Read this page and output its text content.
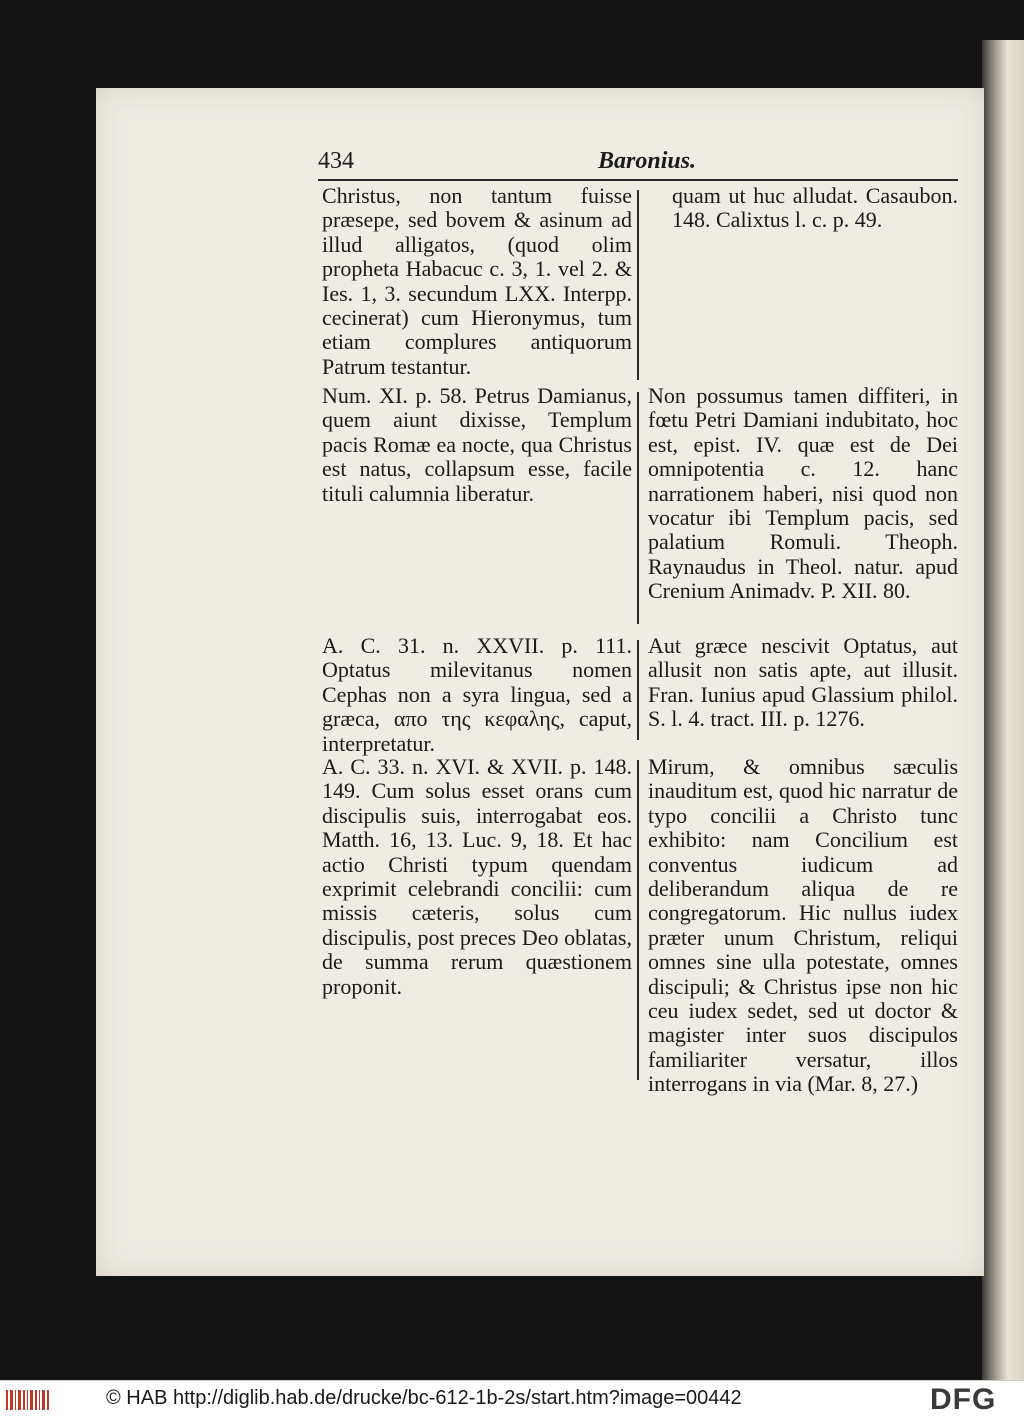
434	Baronius.

Christus, non tantum fuisse præsepe, sed bovem & asinum ad illud alligatos, (quod olim propheta Habacuc c. 3, 1. vel 2. & Ies. 1, 3. secundum LXX. Interpp. cecinerat) cum Hieronymus, tum etiam complures antiquorum Patrum testantur.

Num. XI. p. 58. Petrus Damianus, quem aiunt dixisse, Templum pacis Romæ ea nocte, qua Christus est natus, collapsum esse, facile tituli calumnia liberatur.

A. C. 31. n. XXVII. p. 111. Optatus milevitanus nomen Cephas non a syra lingua, sed a græca, απο της κεφαλης, caput, interpretatur.

A. C. 33. n. XVI. & XVII. p. 148. 149. Cum solus esset orans cum discipulis suis, interrogabat eos. Matth. 16, 13. Luc. 9, 18. Et hac actio Christi typum quendam exprimit celebrandi concilii: cum missis cæteris, solus cum discipulis, post preces Deo oblatas, de summa rerum quæstionem proponit.

quam ut huc alludat. Casaubon. 148. Calixtus l. c. p. 49.

Non possumus tamen diffiteri, in fœtu Petri Damiani indubitato, hoc est, epist. IV. quæ est de Dei omnipotentia c. 12. hanc narrationem haberi, nisi quod non vocatur ibi Templum pacis, sed palatium Romuli. Theoph. Raynaudus in Theol. natur. apud Crenium Animadv. P. XII. 80.

Aut græce nescivit Optatus, aut allusit non satis apte, aut illusit. Fran. Iunius apud Glassium philol. S. l. 4. tract. III. p. 1276.

Mirum, & omnibus sæculis inauditum est, quod hic narratur de typo concilii a Christo tunc exhibito: nam Concilium est conventus iudicum ad deliberandum aliqua de re congregatorum. Hic nullus iudex præter unum Christum, reliqui omnes sine ulla potestate, omnes discipuli; & Christus ipse non hic ceu iudex sedet, sed ut doctor & magister inter suos discipulos familiariter versatur, illos interrogans in via (Mar. 8, 27.)

© HAB http://diglib.hab.de/drucke/bc-612-1b-2s/start.htm?image=00442	DFG
